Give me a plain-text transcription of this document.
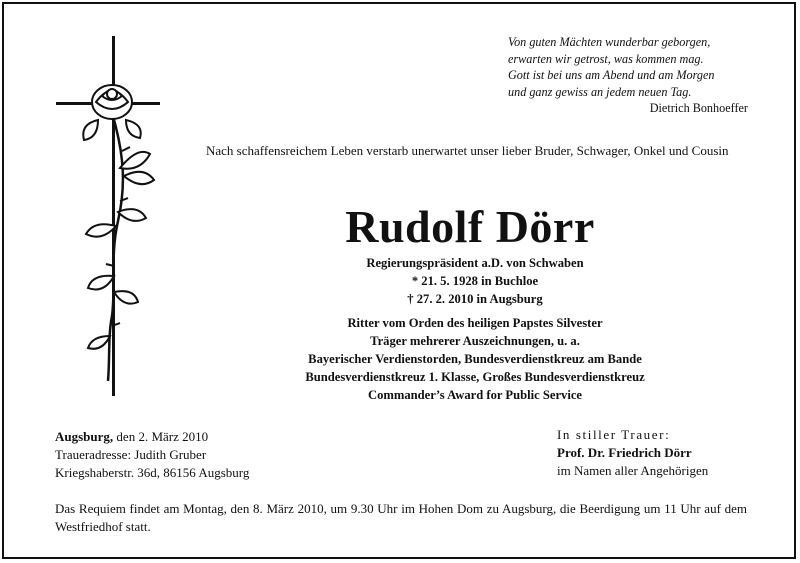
Von guten Mächten wunderbar geborgen,
erwarten wir getrost, was kommen mag.
Gott ist bei uns am Abend und am Morgen
und ganz gewiss an jedem neuen Tag.
Dietrich Bonhoeffer
Nach schaffensreichem Leben verstarb unerwartet unser lieber Bruder, Schwager, Onkel und Cousin
Rudolf Dörr
Regierungspräsident a.D. von Schwaben
* 21. 5. 1928 in Buchloe
† 27. 2. 2010 in Augsburg
Ritter vom Orden des heiligen Papstes Silvester
Träger mehrerer Auszeichnungen, u. a.
Bayerischer Verdienstorden, Bundesverdienstkreuz am Bande
Bundesverdienstkreuz 1. Klasse, Großes Bundesverdienstkreuz
Commander’s Award for Public Service
Augsburg, den 2. März 2010
Traueradresse: Judith Gruber
Kriegshaberstr. 36d, 86156 Augsburg
In stiller Trauer:
Prof. Dr. Friedrich Dörr
im Namen aller Angehörigen
Das Requiem findet am Montag, den 8. März 2010, um 9.30 Uhr im Hohen Dom zu Augsburg, die Beerdigung um 11 Uhr auf dem Westfriedhof statt.
